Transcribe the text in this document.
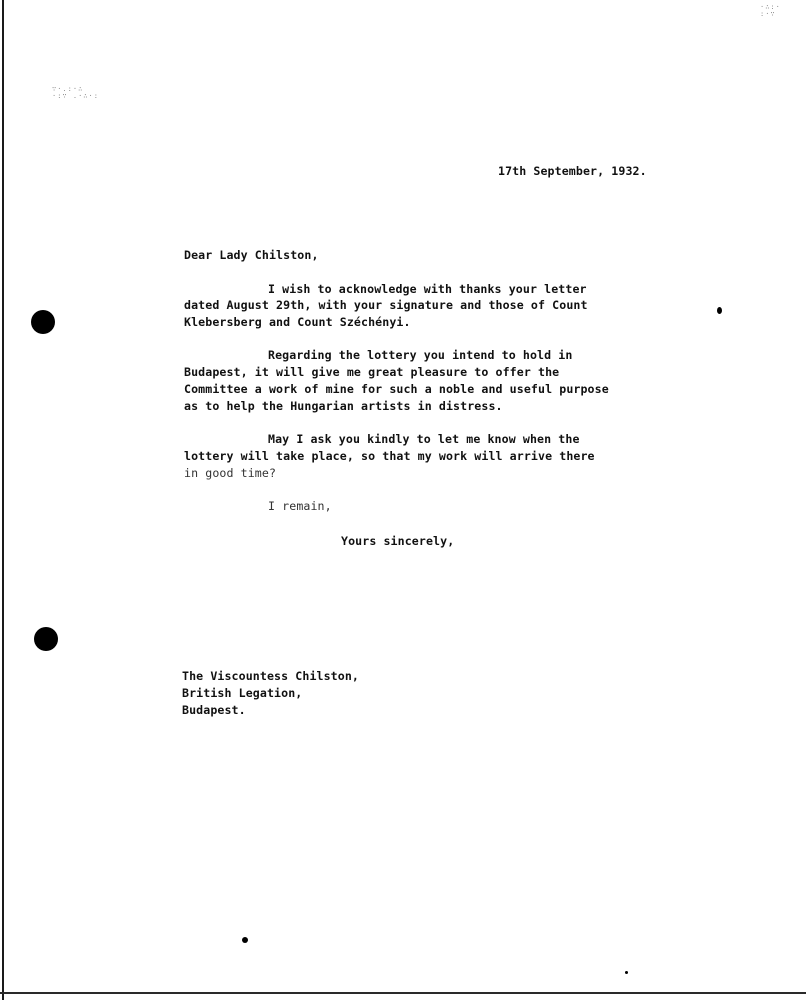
∵·.:·∴
·:∵ .·∴·:
·∴:·
:·∵
17th September, 1932.
Dear Lady Chilston,
I wish to acknowledge with thanks your letter
dated August 29th, with your signature and those of Count
Klebersberg and Count Széchényi.
Regarding the lottery you intend to hold in
Budapest, it will give me great pleasure to offer the
Committee a work of mine for such a noble and useful purpose
as to help the Hungarian artists in distress.
May I ask you kindly to let me know when the
lottery will take place, so that my work will arrive there
in good time?
I remain,
Yours sincerely,
The Viscountess Chilston,
British Legation,
Budapest.
